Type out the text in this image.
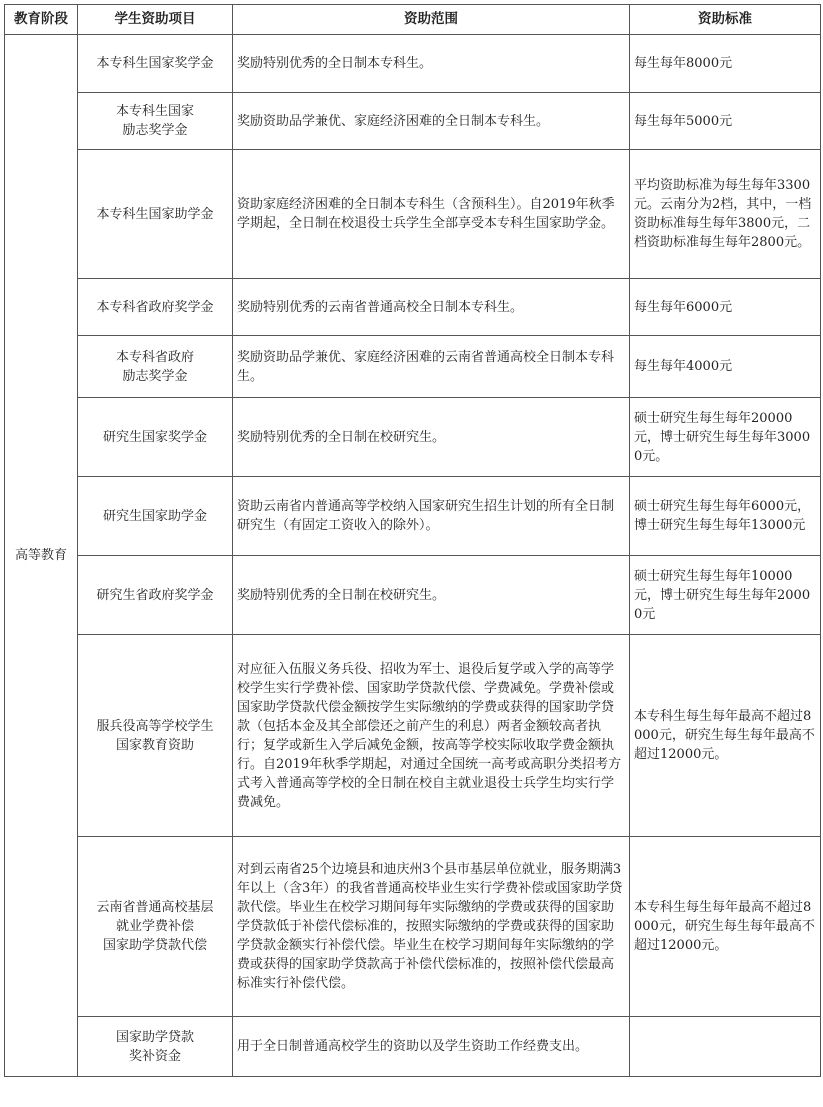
教育阶段	学生资助项目	资助范围	资助标准
高等教育	本专科生国家奖学金	奖励特别优秀的全日制本专科生。	每生每年8000元
	本专科生国家
励志奖学金	奖励资助品学兼优、家庭经济困难的全日制本专科生。	每生每年5000元
	本专科生国家助学金	资助家庭经济困难的全日制本专科生（含预科生）。自2019年秋季学期起，全日制在校退役士兵学生全部享受本专科生国家助学金。	平均资助标准为每生每年3300元。云南分为2档，其中，一档资助标准每生每年3800元，二档资助标准每生每年2800元。
	本专科省政府奖学金	奖励特别优秀的云南省普通高校全日制本专科生。	每生每年6000元
	本专科省政府
励志奖学金	奖励资助品学兼优、家庭经济困难的云南省普通高校全日制本专科生。	每生每年4000元
	研究生国家奖学金	奖励特别优秀的全日制在校研究生。	硕士研究生每生每年20000元，博士研究生每生每年30000元。
	研究生国家助学金	资助云南省内普通高等学校纳入国家研究生招生计划的所有全日制研究生（有固定工资收入的除外）。	硕士研究生每生每年6000元，博士研究生每生每年13000元
	研究生省政府奖学金	奖励特别优秀的全日制在校研究生。	硕士研究生每生每年10000元，博士研究生每生每年20000元
	服兵役高等学校学生
国家教育资助	对应征入伍服义务兵役、招收为军士、退役后复学或入学的高等学校学生实行学费补偿、国家助学贷款代偿、学费减免。学费补偿或国家助学贷款代偿金额按学生实际缴纳的学费或获得的国家助学贷款（包括本金及其全部偿还之前产生的利息）两者金额较高者执行；复学或新生入学后减免金额，按高等学校实际收取学费金额执行。自2019年秋季学期起，对通过全国统一高考或高职分类招考方式考入普通高等学校的全日制在校自主就业退役士兵学生均实行学费减免。	本专科生每生每年最高不超过8000元，研究生每生每年最高不超过12000元。
	云南省普通高校基层
就业学费补偿
国家助学贷款代偿	对到云南省25个边境县和迪庆州3个县市基层单位就业，服务期满3年以上（含3年）的我省普通高校毕业生实行学费补偿或国家助学贷款代偿。毕业生在校学习期间每年实际缴纳的学费或获得的国家助学贷款低于补偿代偿标准的，按照实际缴纳的学费或获得的国家助学贷款金额实行补偿代偿。毕业生在校学习期间每年实际缴纳的学费或获得的国家助学贷款高于补偿代偿标准的，按照补偿代偿最高标准实行补偿代偿。	本专科生每生每年最高不超过8000元，研究生每生每年最高不超过12000元。
	国家助学贷款
奖补资金	用于全日制普通高校学生的资助以及学生资助工作经费支出。	
